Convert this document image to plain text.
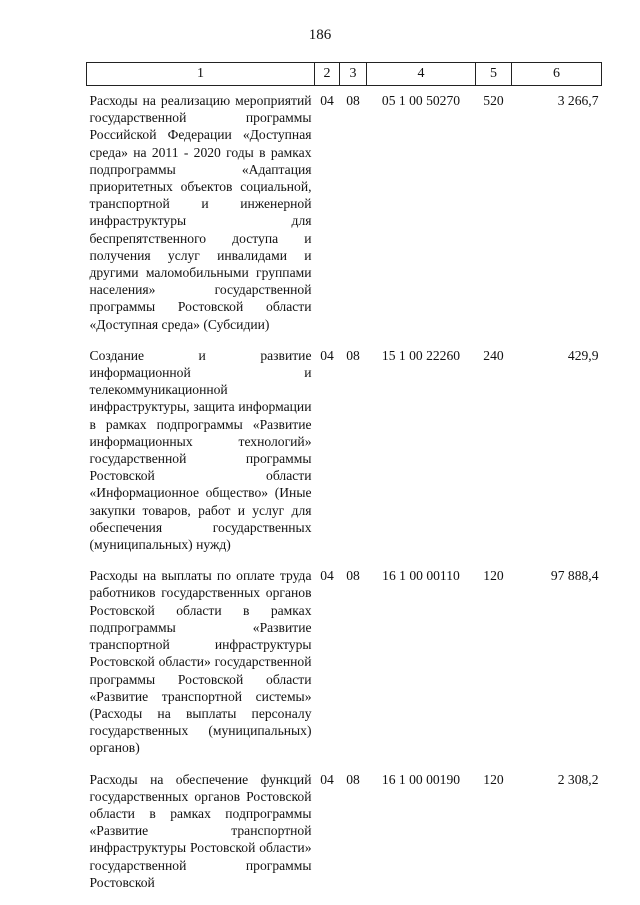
186
1	2	3	4	5	6
Расходы на реализацию мероприятий государственной программы Российской Федерации «Доступная среда» на 2011 - 2020 годы в рамках подпрограммы «Адаптация приоритетных объектов социальной, транспортной и инженерной инфраструктуры для беспрепятственного доступа и получения услуг инвалидами и другими маломобильными группами населения» государственной программы Ростовской области «Доступная среда» (Субсидии)	04	08	05 1 00 50270	520	3 266,7
Создание и развитие информационной и телекоммуникационной инфраструктуры, защита информации в рамках подпрограммы «Развитие информационных технологий» государственной программы Ростовской области «Информационное общество» (Иные закупки товаров, работ и услуг для обеспечения государственных (муниципальных) нужд)	04	08	15 1 00 22260	240	429,9
Расходы на выплаты по оплате труда работников государственных органов Ростовской области в рамках подпрограммы «Развитие транспортной инфраструктуры Ростовской области» государственной программы Ростовской области «Развитие транспортной системы» (Расходы на выплаты персоналу государственных (муниципальных) органов)	04	08	16 1 00 00110	120	97 888,4
Расходы на обеспечение функций государственных органов Ростовской области в рамках подпрограммы «Развитие транспортной инфраструктуры Ростовской области» государственной программы Ростовской	04	08	16 1 00 00190	120	2 308,2
